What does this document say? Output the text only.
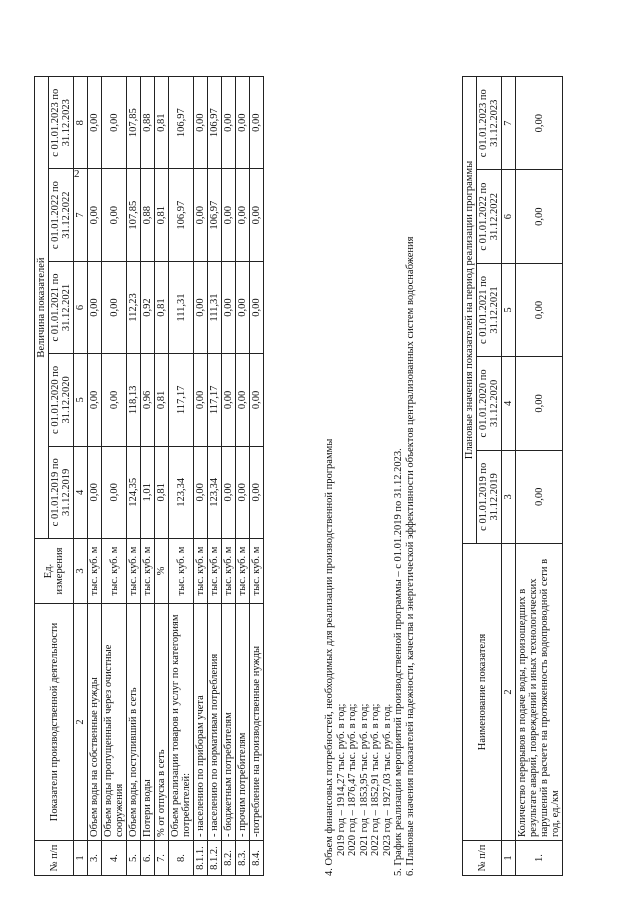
2
№ п/п	Показатели производственной деятельности	Ед. измерения	Величина показателей				
			с 01.01.2019 по 31.12.2019	с 01.01.2020 по 31.12.2020	с 01.01.2021 по 31.12.2021	с 01.01.2022 по 31.12.2022	с 01.01.2023 по 31.12.2023
1	2	3	4	5	6	7	8
3.	Объем воды на собственные нужды	тыс. куб. м	0,00	0,00	0,00	0,00	0,00
4.	Объем воды пропущенный через очистные сооружения	тыс. куб. м	0,00	0,00	0,00	0,00	0,00
5.	Объем воды, поступивший в сеть	тыс. куб. м	124,35	118,13	112,23	107,85	107,85
6.	Потери воды	тыс. куб. м	1,01	0,96	0,92	0,88	0,88
7.	% от отпуска в сеть	%	0,81	0,81	0,81	0,81	0,81
8.	Объем реализации товаров и услуг по категориям потребителей:	тыс. куб. м	123,34	117,17	111,31	106,97	106,97
8.1.1.	- населению по приборам учета	тыс. куб. м	0,00	0,00	0,00	0,00	0,00
8.1.2.	- населению по нормативам потребления	тыс. куб. м	123,34	117,17	111,31	106,97	106,97
8.2.	- бюджетным потребителям	тыс. куб. м	0,00	0,00	0,00	0,00	0,00
8.3.	- прочим потребителям	тыс. куб. м	0,00	0,00	0,00	0,00	0,00
8.4.	-потребление на производственные нужды	тыс. куб. м	0,00	0,00	0,00	0,00	0,00
4. Объем финансовых потребностей, необходимых для реализации производственной программы 2019 год – 1914,27 тыс. руб. в год; 2020 год – 1876,47 тыс. руб. в год; 2021 год – 1853,95 тыс. руб. в год; 2022 год – 1852,91 тыс. руб. в год; 2023 год – 1927,03 тыс. руб. в год. 5. График реализации мероприятий производственной программы – с 01.01.2019 по 31.12.2023. 6. Плановые значения показателей надежности, качества и энергетической эффективности объектов централизованных систем водоснабжения	№ п/п	Наименование показателя	Плановые значения показателей на период реализации программы				
		с 01.01.2019 по 31.12.2019	с 01.01.2020 по 31.12.2020	с 01.01.2021 по 31.12.2021	с 01.01.2022 по 31.12.2022	с 01.01.2023 по 31.12.2023
1	2	3	4	5	6	7
1.	Количество перерывов в подаче воды, произошедших в результате аварий, повреждений и иных технологических нарушений в расчете на протяженность водопроводной сети в год, ед./км	0,00	0,00	0,00	0,00	0,00
